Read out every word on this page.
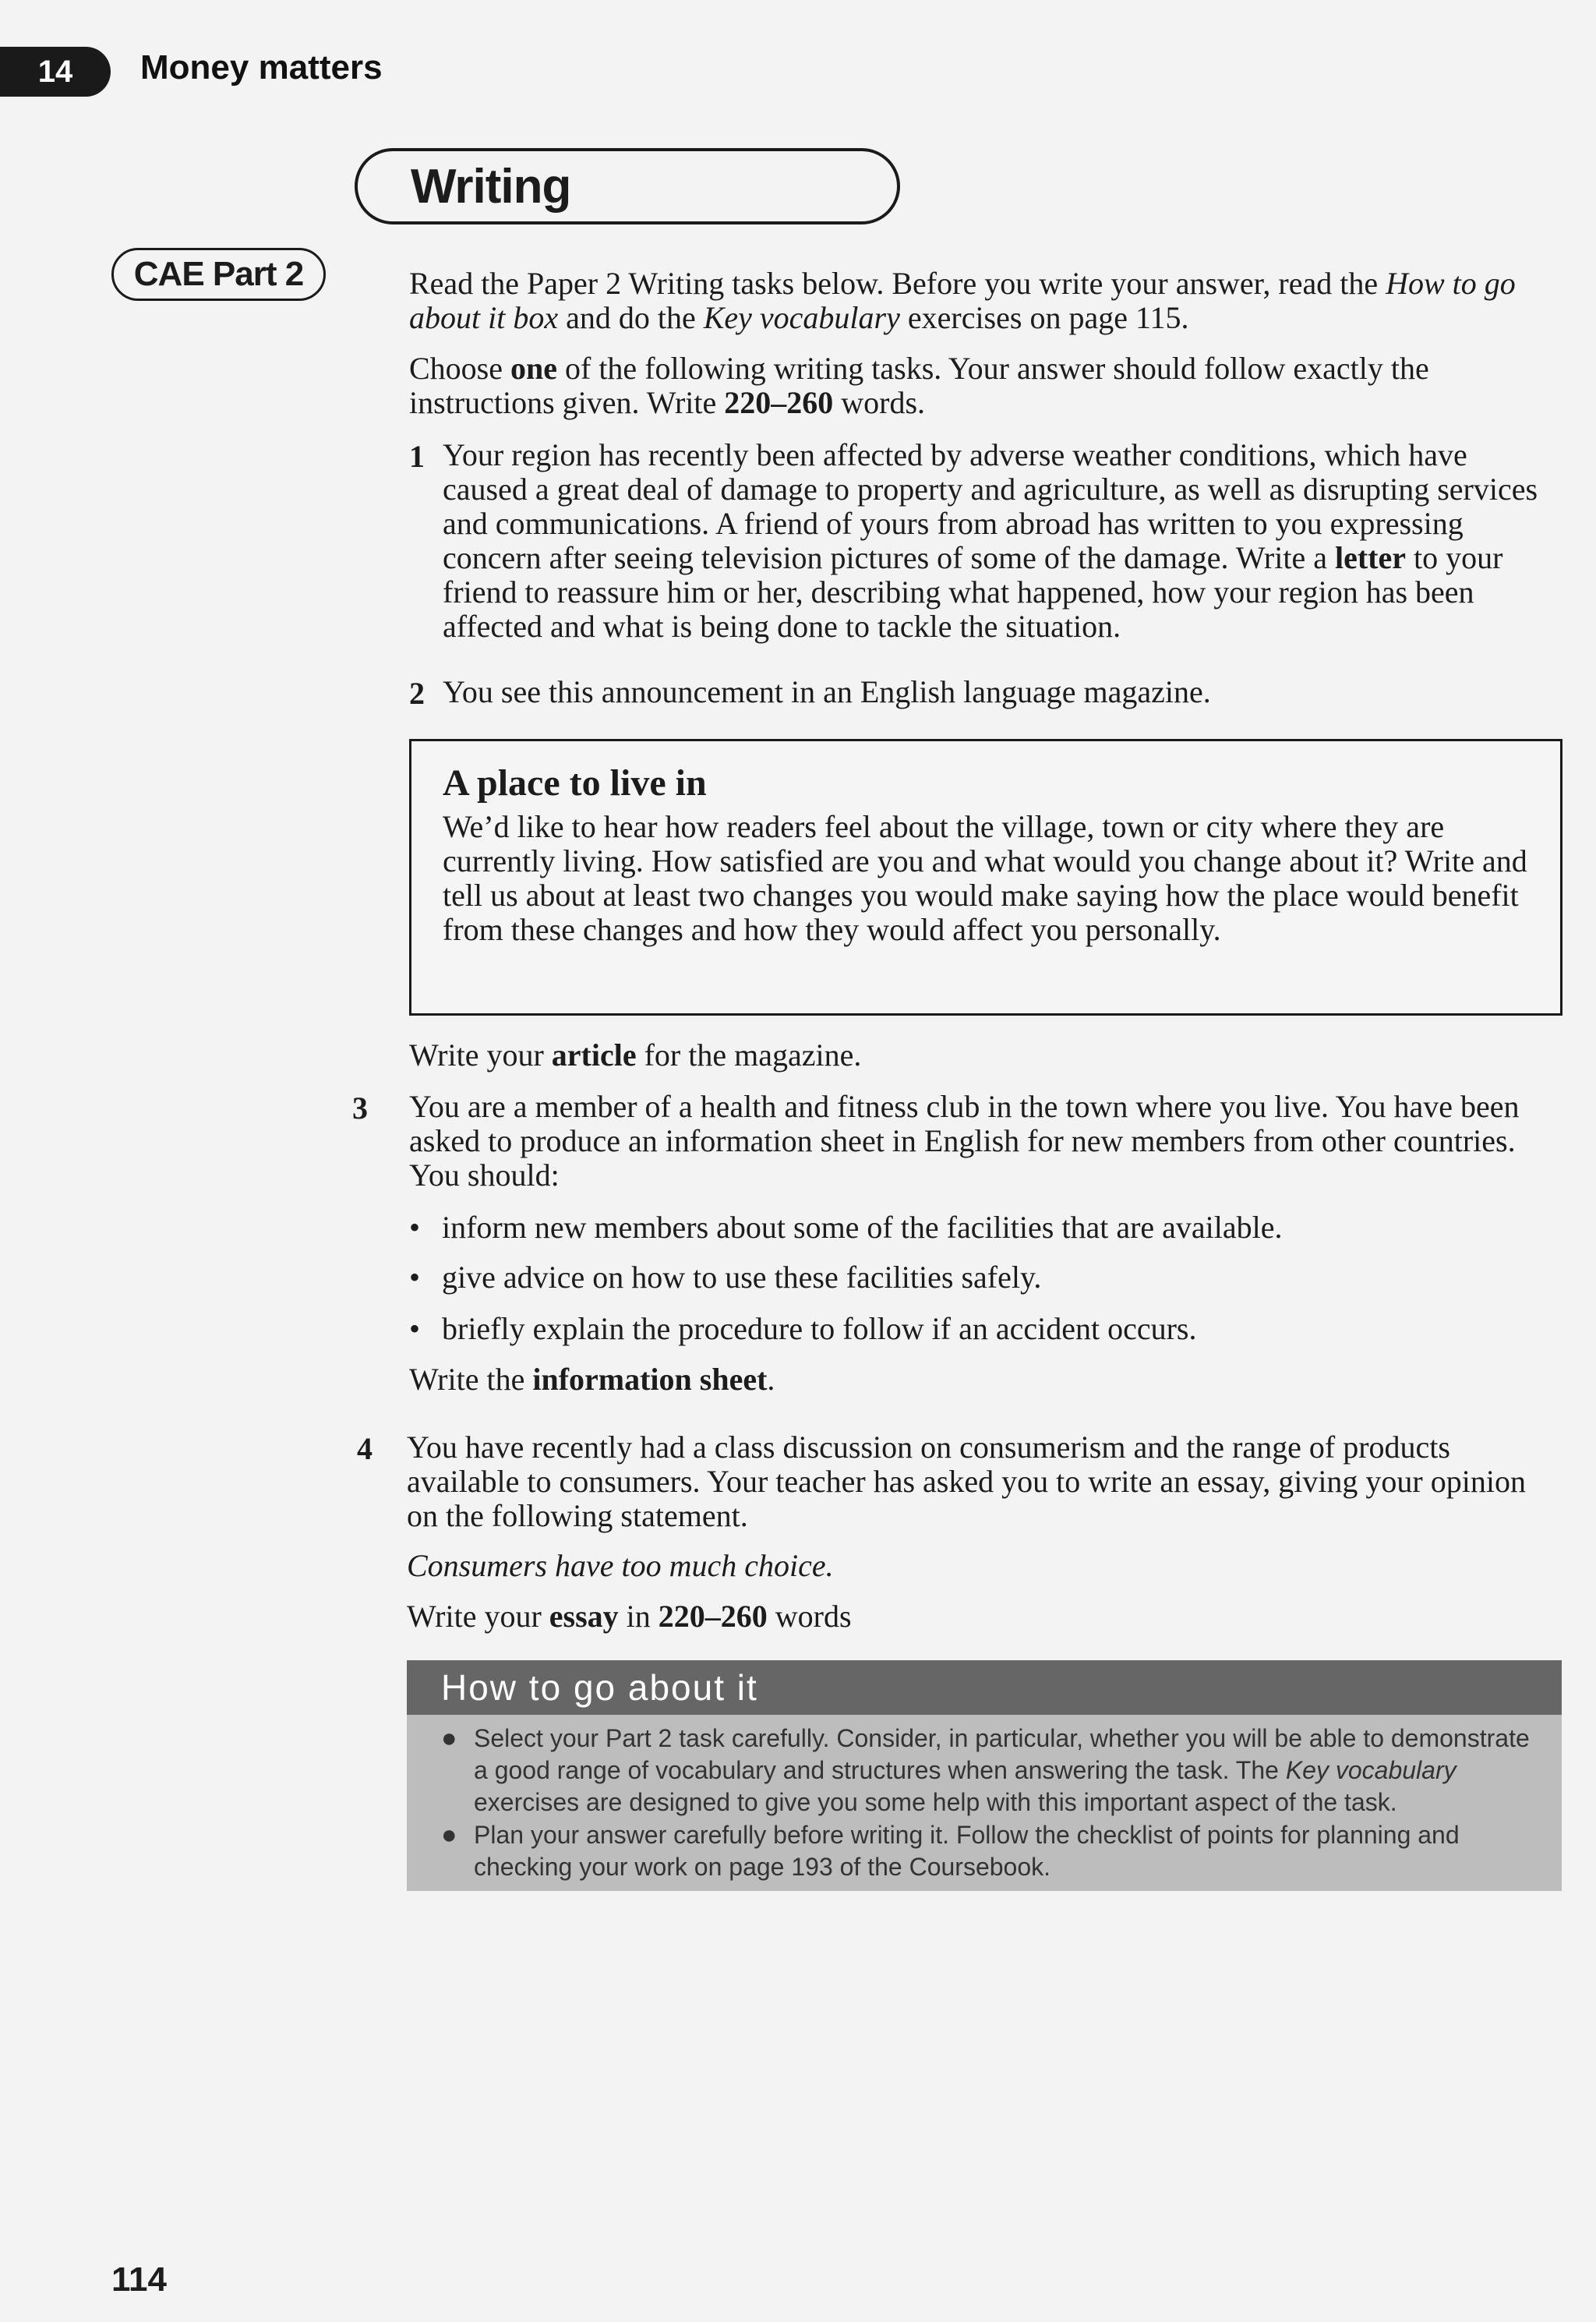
14 Money matters
Writing
CAE Part 2	Read the Paper 2 Writing tasks below. Before you write your answer, read the How to go about it box and do the Key vocabulary exercises on page 115.
Choose one of the following writing tasks. Your answer should follow exactly the instructions given. Write 220–260 words.
1 Your region has recently been affected by adverse weather conditions, which have caused a great deal of damage to property and agriculture, as well as disrupting services and communications. A friend of yours from abroad has written to you expressing concern after seeing television pictures of some of the damage. Write a letter to your friend to reassure him or her, describing what happened, how your region has been affected and what is being done to tackle the situation.
2 You see this announcement in an English language magazine.
A place to live in
We’d like to hear how readers feel about the village, town or city where they are currently living. How satisfied are you and what would you change about it? Write and tell us about at least two changes you would make saying how the place would benefit from these changes and how they would affect you personally.
Write your article for the magazine.
3 You are a member of a health and fitness club in the town where you live. You have been asked to produce an information sheet in English for new members from other countries. You should:
• inform new members about some of the facilities that are available.
• give advice on how to use these facilities safely.
• briefly explain the procedure to follow if an accident occurs.
Write the information sheet.
4 You have recently had a class discussion on consumerism and the range of products available to consumers. Your teacher has asked you to write an essay, giving your opinion on the following statement.
Consumers have too much choice.
Write your essay in 220–260 words
How to go about it
● Select your Part 2 task carefully. Consider, in particular, whether you will be able to demonstrate a good range of vocabulary and structures when answering the task. The Key vocabulary exercises are designed to give you some help with this important aspect of the task.
● Plan your answer carefully before writing it. Follow the checklist of points for planning and checking your work on page 193 of the Coursebook.
114
